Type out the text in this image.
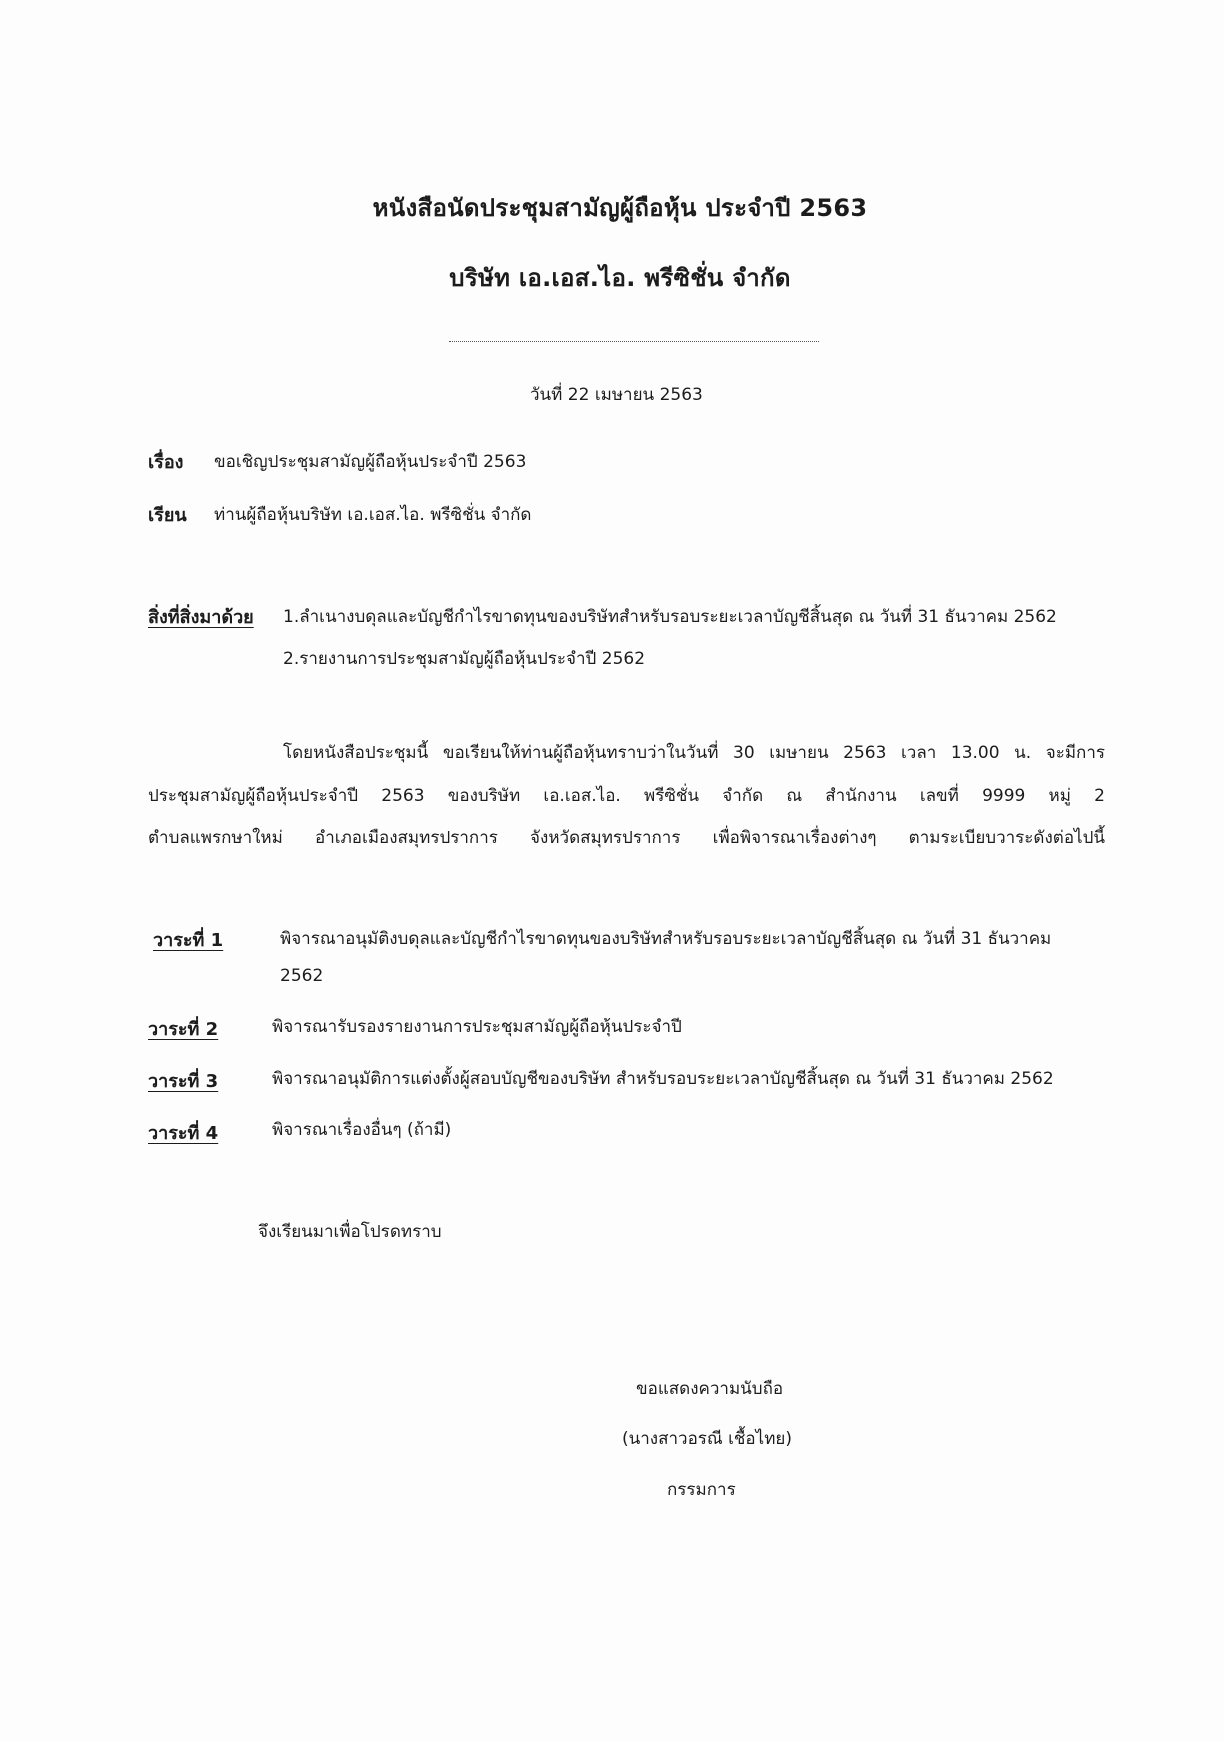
หนังสือนัดประชุมสามัญผู้ถือหุ้น ประจำปี 2563
บริษัท เอ.เอส.ไอ. พรีซิชั่น จำกัด
วันที่ 22 เมษายน 2563
เรื่อง ขอเชิญประชุมสามัญผู้ถือหุ้นประจำปี 2563
เรียน ท่านผู้ถือหุ้นบริษัท เอ.เอส.ไอ. พรีซิชั่น จำกัด
สิ่งที่สิ่งมาด้วย 1.ลำเนางบดุลและบัญชีกำไรขาดทุนของบริษัทสำหรับรอบระยะเวลาบัญชีสิ้นสุด ณ วันที่ 31 ธันวาคม 2562
2.รายงานการประชุมสามัญผู้ถือหุ้นประจำปี 2562
โดยหนังสือประชุมนี้ ขอเรียนให้ท่านผู้ถือหุ้นทราบว่าในวันที่ 30 เมษายน 2563 เวลา 13.00 น. จะมีการ
ประชุมสามัญผู้ถือหุ้นประจำปี 2563 ของบริษัท เอ.เอส.ไอ. พรีซิชั่น จำกัด ณ สำนักงาน เลขที่ 9999 หมู่ 2
ตำบลแพรกษาใหม่ อำเภอเมืองสมุทรปราการ จังหวัดสมุทรปราการ เพื่อพิจารณาเรื่องต่างๆ ตามระเบียบวาระดังต่อไปนี้
วาระที่ 1	พิจารณาอนุมัติงบดุลและบัญชีกำไรขาดทุนของบริษัทสำหรับรอบระยะเวลาบัญชีสิ้นสุด ณ วันที่ 31 ธันวาคม
2562
วาระที่ 2	พิจารณารับรองรายงานการประชุมสามัญผู้ถือหุ้นประจำปี
วาระที่ 3	พิจารณาอนุมัติการแต่งตั้งผู้สอบบัญชีของบริษัท สำหรับรอบระยะเวลาบัญชีสิ้นสุด ณ วันที่ 31 ธันวาคม 2562
วาระที่ 4	พิจารณาเรื่องอื่นๆ (ถ้ามี)
จึงเรียนมาเพื่อโปรดทราบ
ขอแสดงความนับถือ
(นางสาวอรณี เชื้อไทย)
กรรมการ
